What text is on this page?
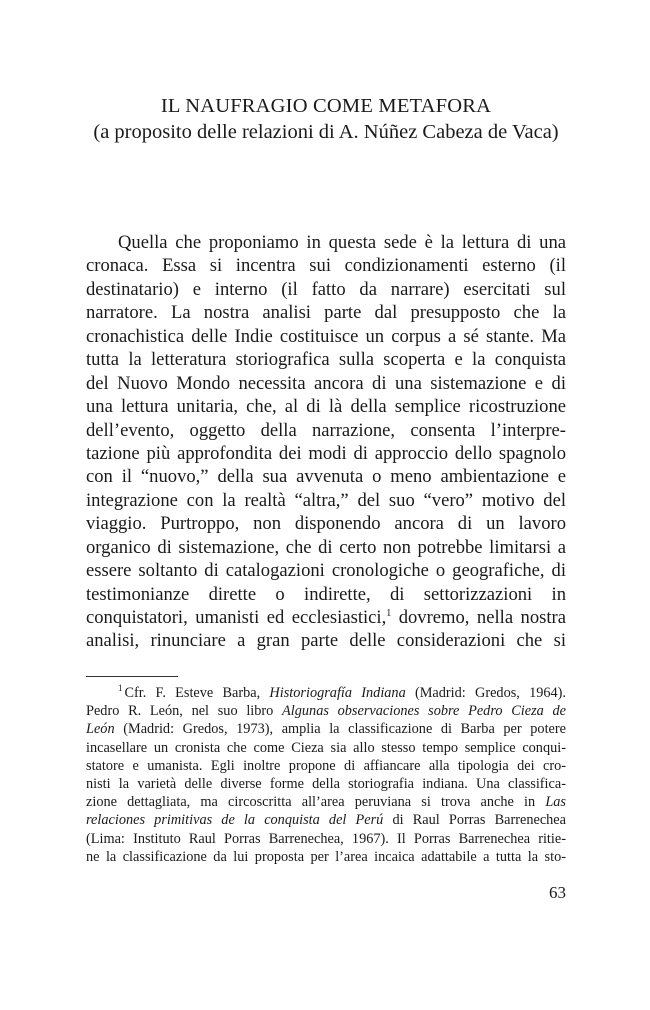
IL NAUFRAGIO COME METAFORA
(a proposito delle relazioni di A. Núñez Cabeza de Vaca)
Quella che proponiamo in questa sede è la lettura di una
cronaca. Essa si incentra sui condizionamenti esterno (il
destinatario) e interno (il fatto da narrare) esercitati sul
narratore. La nostra analisi parte dal presupposto che la
cronachistica delle Indie costituisce un corpus a sé stante. Ma
tutta la letteratura storiografica sulla scoperta e la conquista
del Nuovo Mondo necessita ancora di una sistemazione e di
una lettura unitaria, che, al di là della semplice ricostruzione
dell’evento, oggetto della narrazione, consenta l’interpre-
tazione più approfondita dei modi di approccio dello spagnolo
con il “nuovo,” della sua avvenuta o meno ambientazione e
integrazione con la realtà “altra,” del suo “vero” motivo del
viaggio. Purtroppo, non disponendo ancora di un lavoro
organico di sistemazione, che di certo non potrebbe limitarsi a
essere soltanto di catalogazioni cronologiche o geografiche, di
testimonianze dirette o indirette, di settorizzazioni in
conquistatori, umanisti ed ecclesiastici,$^1$ dovremo, nella nostra
analisi, rinunciare a gran parte delle considerazioni che si
$^1$ Cfr. F. Esteve Barba, Historiografía Indiana (Madrid: Gredos, 1964).
Pedro R. León, nel suo libro Algunas observaciones sobre Pedro Cieza de
León (Madrid: Gredos, 1973), amplia la classificazione di Barba per potere
incasellare un cronista che come Cieza sia allo stesso tempo semplice conqui-
statore e umanista. Egli inoltre propone di affiancare alla tipologia dei cro-
nisti la varietà delle diverse forme della storiografia indiana. Una classifica-
zione dettagliata, ma circoscritta all’area peruviana si trova anche in Las
relaciones primitivas de la conquista del Perú di Raul Porras Barrenechea
(Lima: Instituto Raul Porras Barrenechea, 1967). Il Porras Barrenechea ritie-
ne la classificazione da lui proposta per l’area incaica adattabile a tutta la sto-
63
